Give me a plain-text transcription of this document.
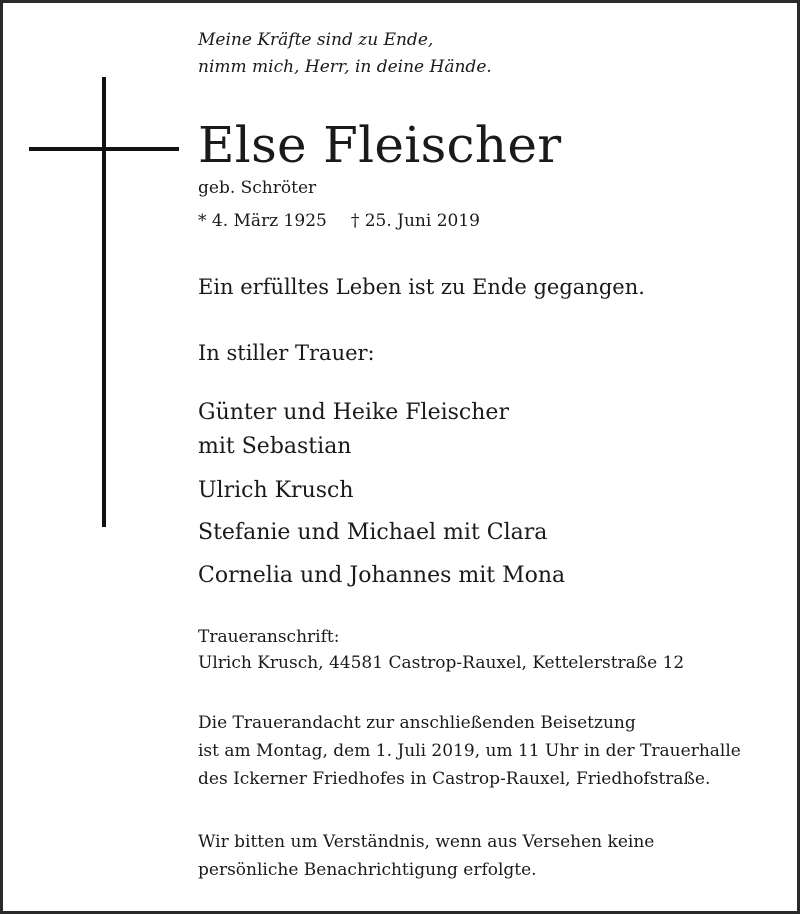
Meine Kräfte sind zu Ende,

nimm mich, Herr, in deine Hände.

Else Fleischer

geb. Schröter

* 4. März 1925 † 25. Juni 2019

Ein erfülltes Leben ist zu Ende gegangen.

In stiller Trauer:

Günter und Heike Fleischer

mit Sebastian

Ulrich Krusch

Stefanie und Michael mit Clara

Cornelia und Johannes mit Mona

Traueranschrift:

Ulrich Krusch, 44581 Castrop-Rauxel, Kettelerstraße 12

Die Trauerandacht zur anschließenden Beisetzung

ist am Montag, dem 1. Juli 2019, um 11 Uhr in der Trauerhalle

des Ickerner Friedhofes in Castrop-Rauxel, Friedhofstraße.

Wir bitten um Verständnis, wenn aus Versehen keine

persönliche Benachrichtigung erfolgte.
